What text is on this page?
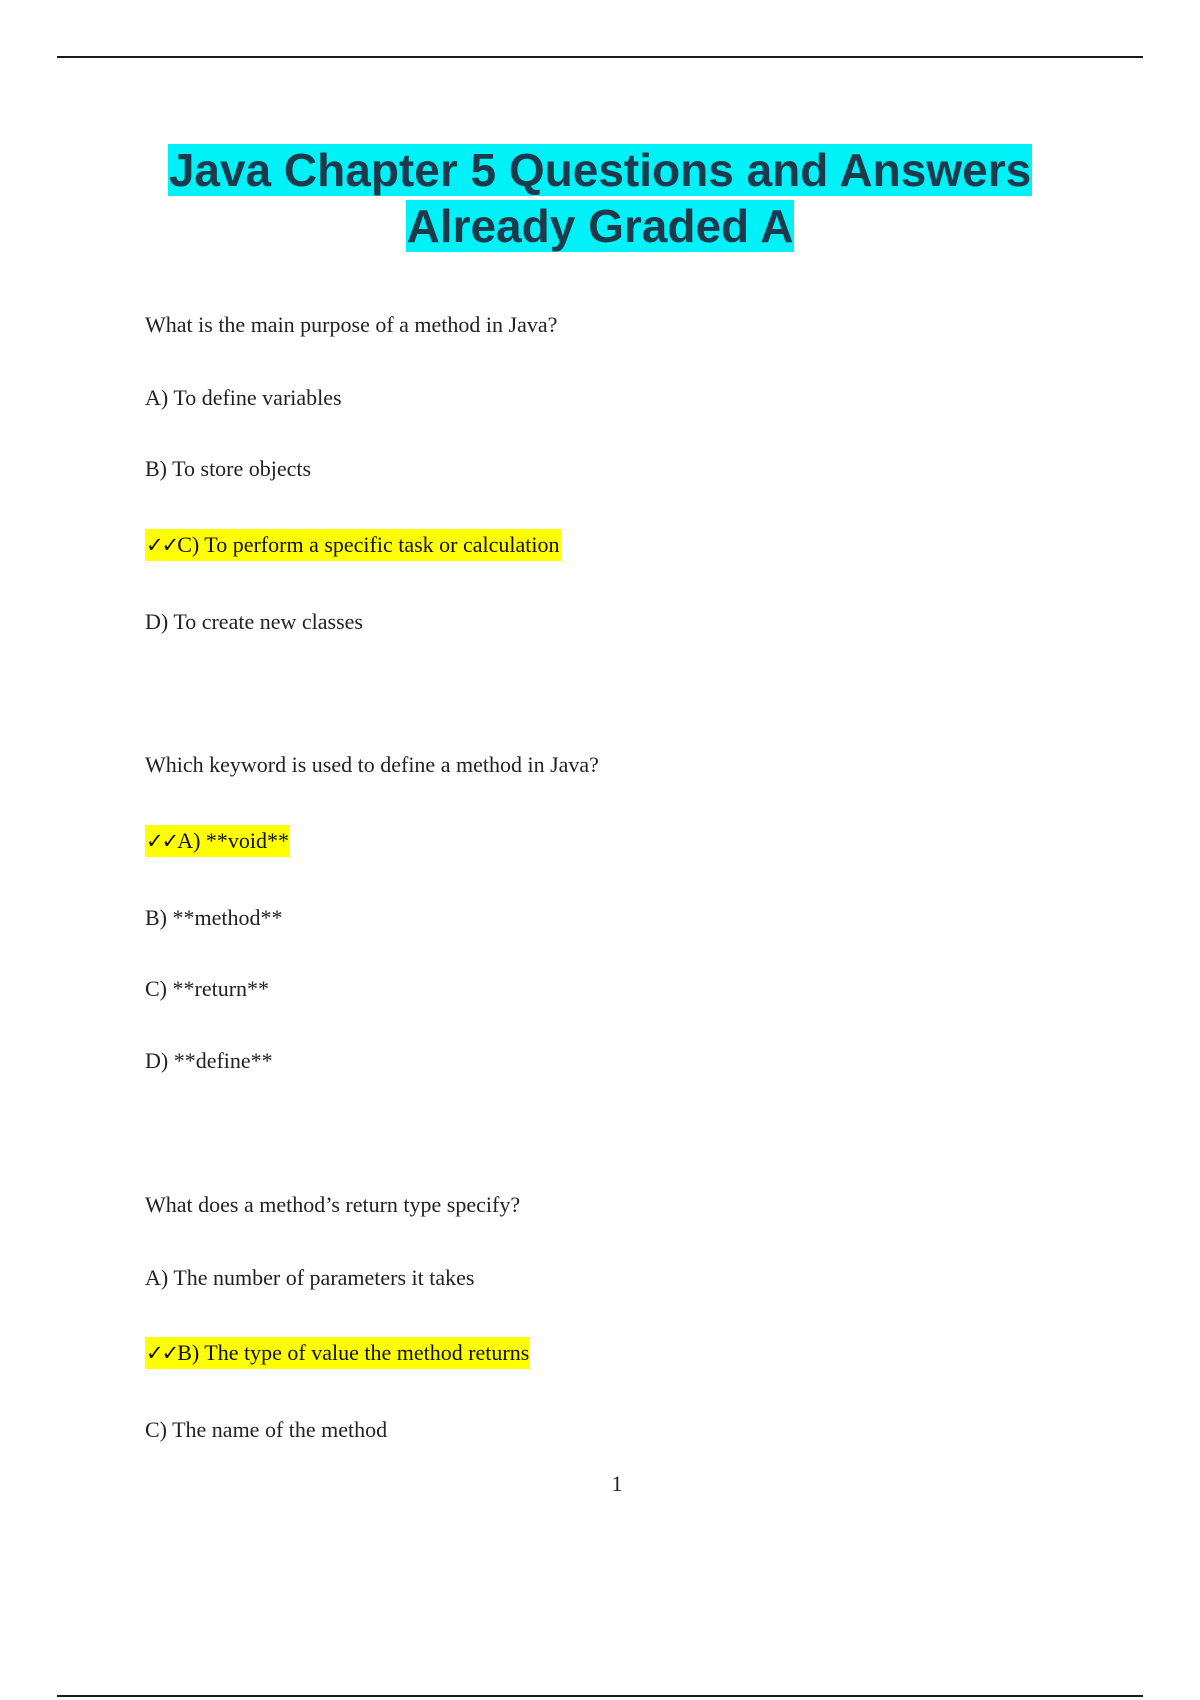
Java Chapter 5 Questions and Answers
Already Graded A
What is the main purpose of a method in Java?
A) To define variables
B) To store objects
✓✓C) To perform a specific task or calculation
D) To create new classes
Which keyword is used to define a method in Java?
✓✓A) **void**
B) **method**
C) **return**
D) **define**
What does a method’s return type specify?
A) The number of parameters it takes
✓✓B) The type of value the method returns
C) The name of the method
1
